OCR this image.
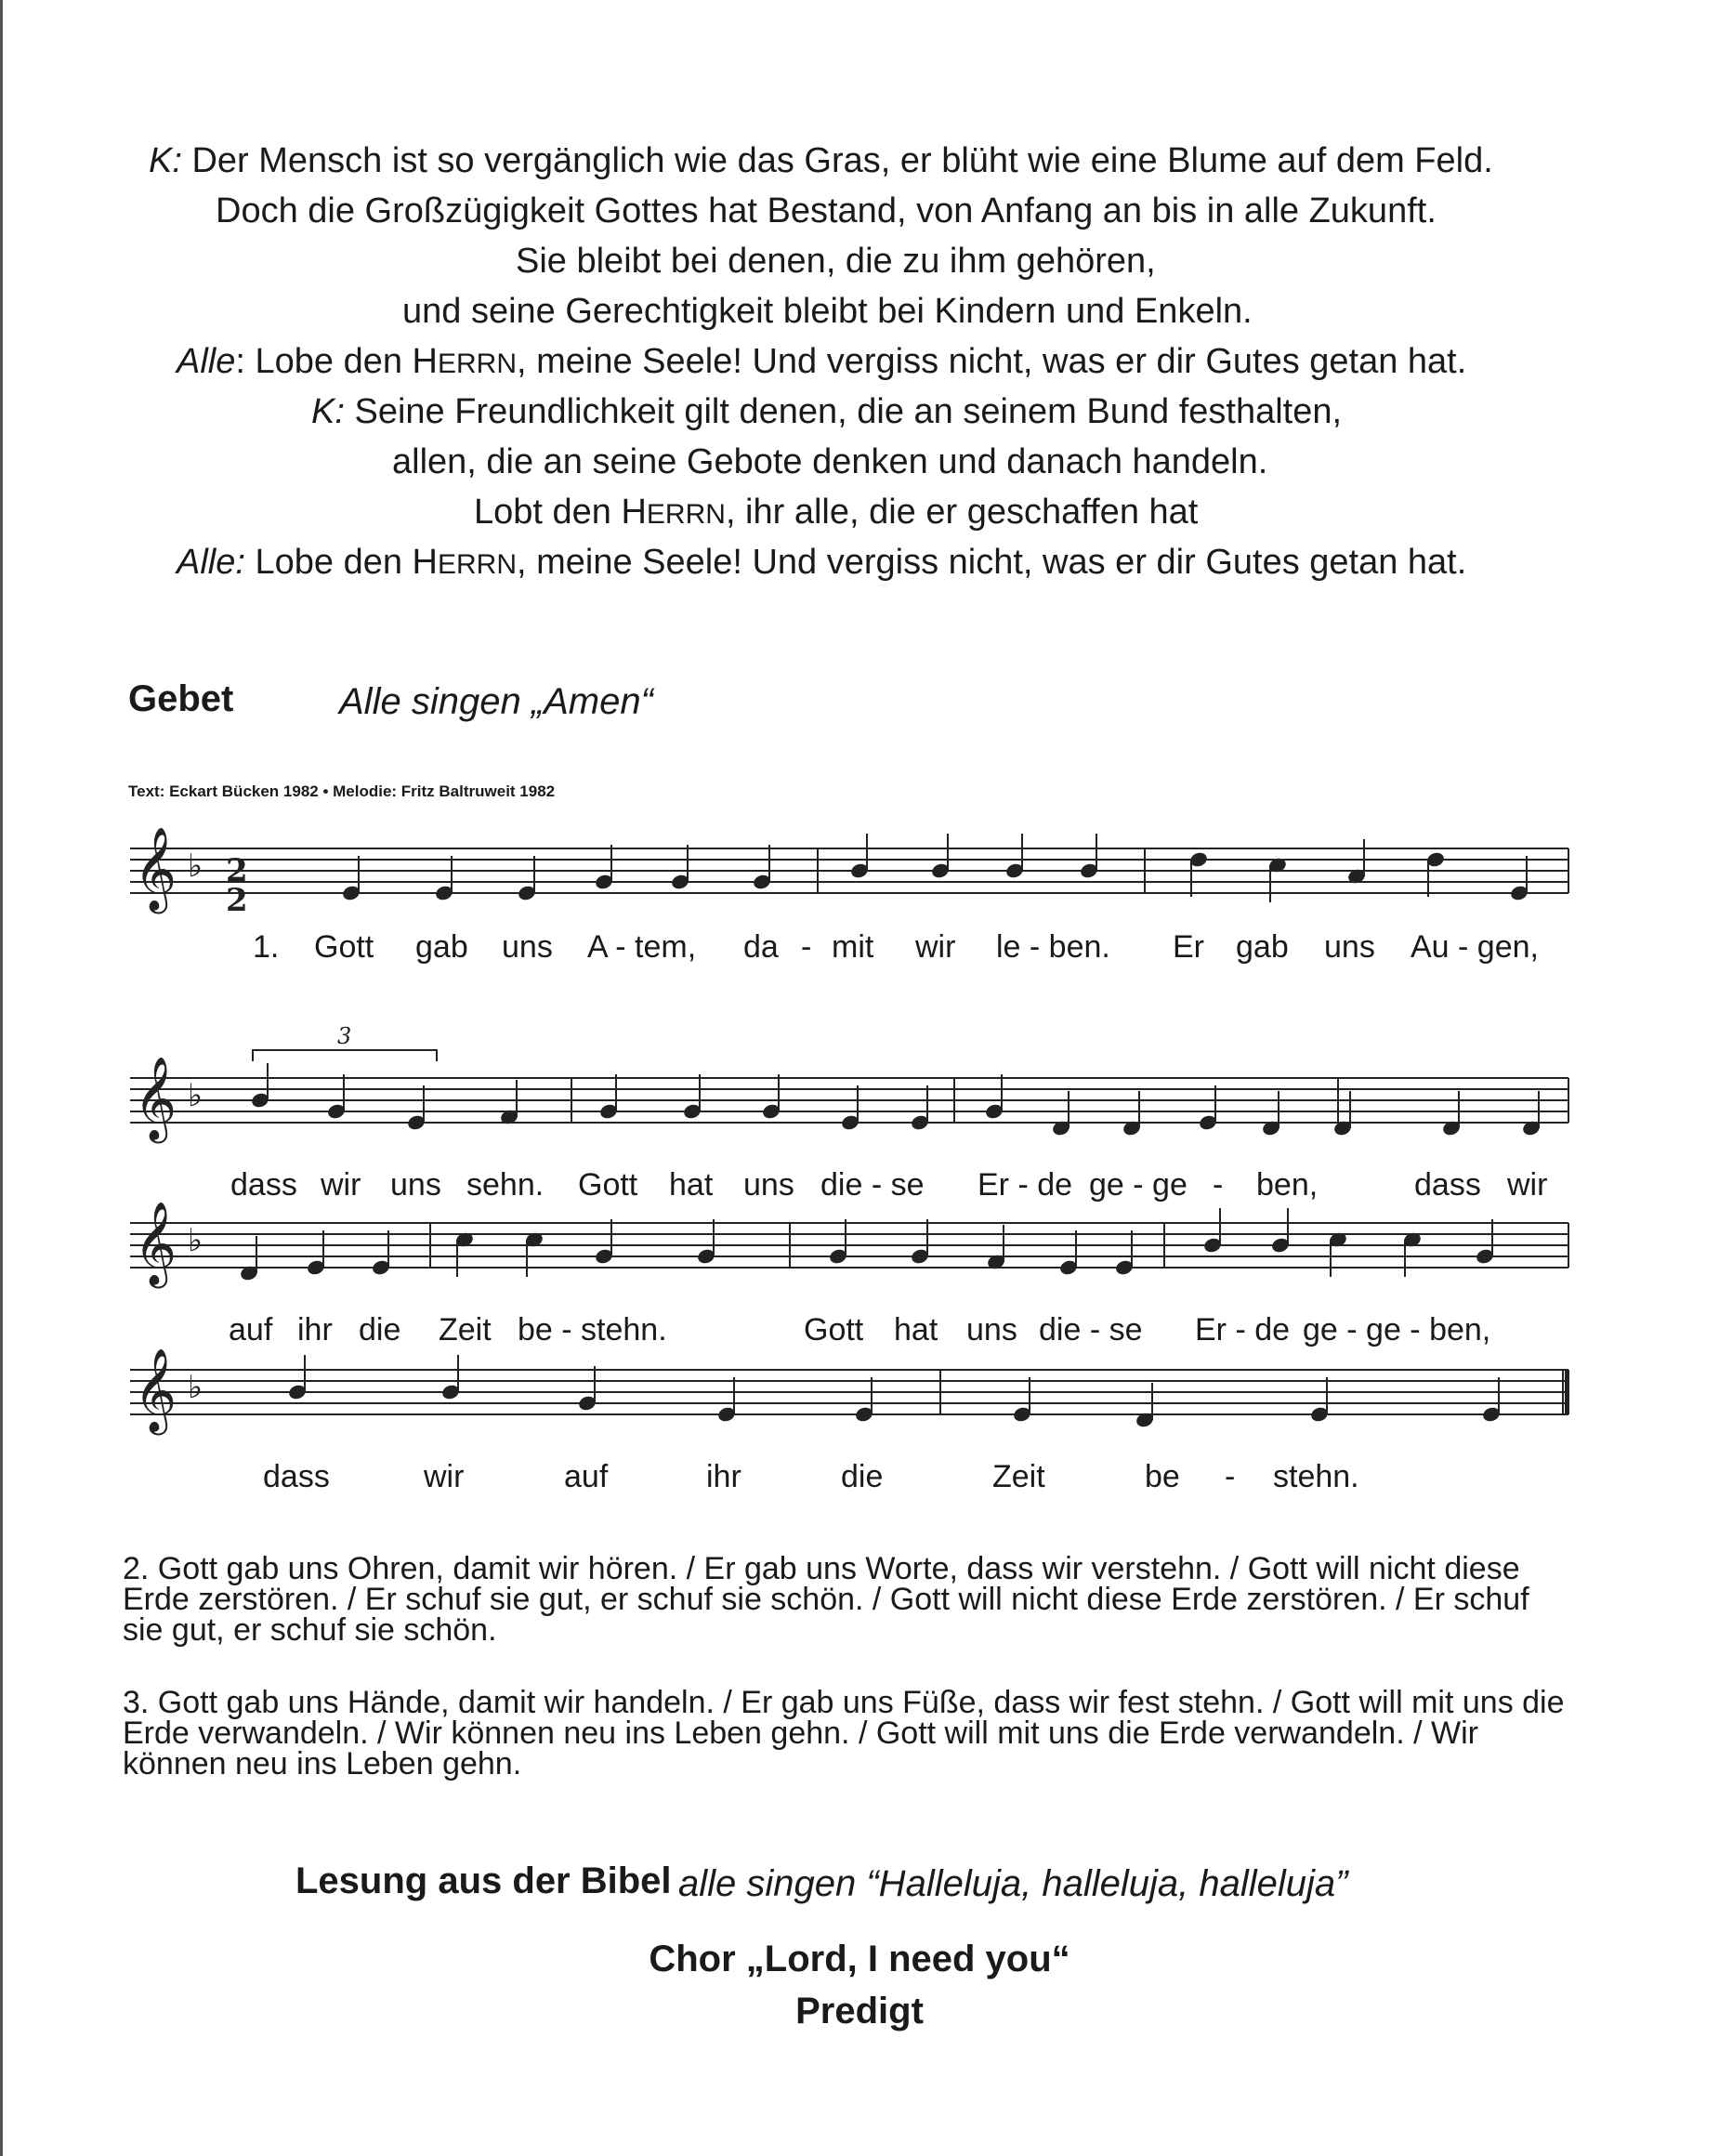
K: Der Mensch ist so vergänglich wie das Gras, er blüht wie eine Blume auf dem Feld.
Doch die Großzügigkeit Gottes hat Bestand, von Anfang an bis in alle Zukunft.
Sie bleibt bei denen, die zu ihm gehören,
und seine Gerechtigkeit bleibt bei Kindern und Enkeln.
Alle: Lobe den HERRN, meine Seele! Und vergiss nicht, was er dir Gutes getan hat.
K: Seine Freundlichkeit gilt denen, die an seinem Bund festhalten,
allen, die an seine Gebote denken und danach handeln.
Lobt den HERRN, ihr alle, die er geschaffen hat
Alle: Lobe den HERRN, meine Seele! Und vergiss nicht, was er dir Gutes getan hat.
Gebet	Alle singen „Amen“
Text: Eckart Bücken 1982 • Melodie: Fritz Baltruweit 1982
𝄞 ♭
𝄞 ♭
𝄞 ♭
𝄞 ♭
1. Gott gab uns A - tem, da - mit wir le - ben. Er gab uns Au - gen,
dass wir uns sehn. Gott hat uns die - se Er - de ge - ge - ben,	dass wir
auf ihr die Zeit be - stehn.	Gott hat uns die - se Er - de ge - ge - ben,
dass	wir	auf	ihr	die	Zeit	be - stehn.
2
2
3
2. Gott gab uns Ohren, damit wir hören. / Er gab uns Worte, dass wir verstehn. / Gott will nicht diese Erde zerstören. / Er schuf sie gut, er schuf sie schön. / Gott will nicht diese Erde zerstören. / Er schuf sie gut, er schuf sie schön.
3. Gott gab uns Hände, damit wir handeln. / Er gab uns Füße, dass wir fest stehn. / Gott will mit uns die Erde verwandeln. / Wir können neu ins Leben gehn. / Gott will mit uns die Erde verwandeln. / Wir können neu ins Leben gehn.
Lesung aus der Bibel alle singen “Halleluja, halleluja, halleluja”
Chor „Lord, I need you“
Predigt
